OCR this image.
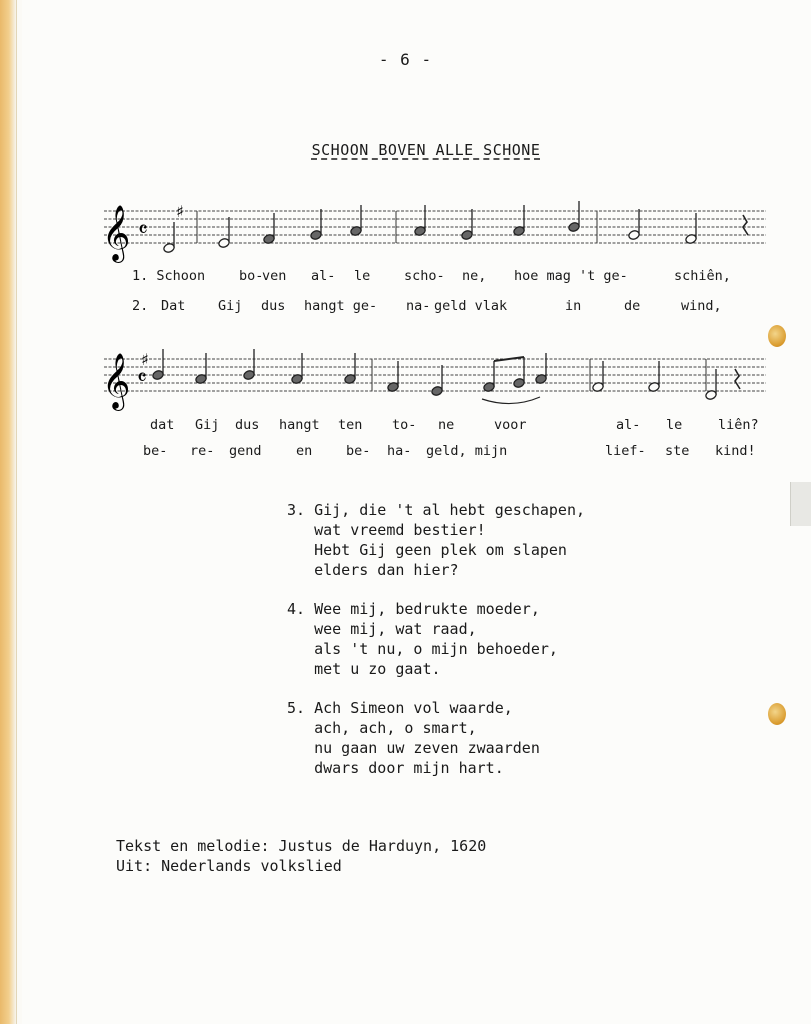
- 6 -
SCHOON BOVEN ALLE SCHONE
𝄞 𝄴
♯
1. Schoon	bo-
ven al- le scho- ne, hoe mag 't ge-	schiên,
2. Dat Gij dus hangt ge- na- geld vlak	in	de	wind,
𝄞 𝄴
♯
dat Gij dus hangt ten to- ne	voor	al- le	liên?
be- re- gend	en be- ha- geld, mijn	lief- ste kind!
3. Gij, die 't al hebt geschapen,
wat vreemd bestier!
Hebt Gij geen plek om slapen
elders dan hier?
4. Wee mij, bedrukte moeder,
wee mij, wat raad,
als 't nu, o mijn behoeder,
met u zo gaat.
5. Ach Simeon vol waarde,
ach, ach, o smart,
nu gaan uw zeven zwaarden
dwars door mijn hart.
Tekst en melodie: Justus de Harduyn, 1620
Uit: Nederlands volkslied
